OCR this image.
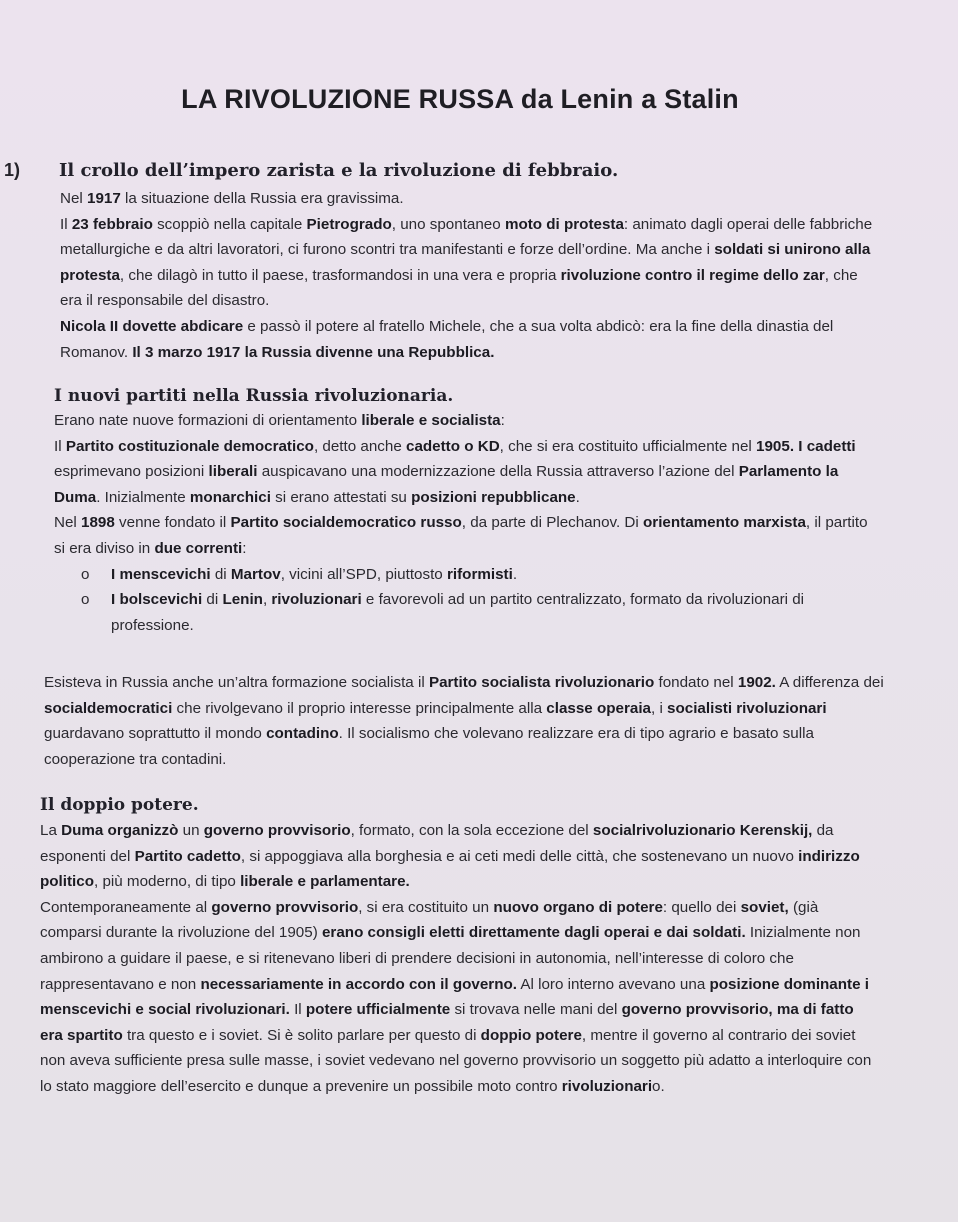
LA RIVOLUZIONE RUSSA da Lenin a Stalin
1) Il crollo dell’impero zarista e la rivoluzione di febbraio.

Nel 1917 la situazione della Russia era gravissima.

Il 23 febbraio scoppiò nella capitale Pietrogrado, uno spontaneo moto di protesta: animato dagli operai delle fabbriche metallurgiche e da altri lavoratori, ci furono scontri tra manifestanti e forze dell’ordine. Ma anche i soldati si unirono alla protesta, che dilagò in tutto il paese, trasformandosi in una vera e propria rivoluzione contro il regime dello zar, che era il responsabile del disastro.

Nicola II dovette abdicare e passò il potere al fratello Michele, che a sua volta abdicò: era la fine della dinastia del Romanov. Il 3 marzo 1917 la Russia divenne una Repubblica.

I nuovi partiti nella Russia rivoluzionaria.

Erano nate nuove formazioni di orientamento liberale e socialista:

Il Partito costituzionale democratico, detto anche cadetto o KD, che si era costituito ufficialmente nel 1905. I cadetti esprimevano posizioni liberali auspicavano una modernizzazione della Russia attraverso l’azione del Parlamento la Duma. Inizialmente monarchici si erano attestati su posizioni repubblicane.

Nel 1898 venne fondato il Partito socialdemocratico russo, da parte di Plechanov. Di orientamento marxista, il partito si era diviso in due correnti:

o I menscevichi di Martov, vicini all’SPD, piuttosto riformisti.
o I bolscevichi di Lenin, rivoluzionari e favorevoli ad un partito centralizzato, formato da rivoluzionari di professione.

Esisteva in Russia anche un’altra formazione socialista il Partito socialista rivoluzionario fondato nel 1902. A differenza dei socialdemocratici che rivolgevano il proprio interesse principalmente alla classe operaia, i socialisti rivoluzionari guardavano soprattutto il mondo contadino. Il socialismo che volevano realizzare era di tipo agrario e basato sulla cooperazione tra contadini.

Il doppio potere.

La Duma organizzò un governo provvisorio, formato, con la sola eccezione del socialrivoluzionario Kerenskij, da esponenti del Partito cadetto, si appoggiava alla borghesia e ai ceti medi delle città, che sostenevano un nuovo indirizzo politico, più moderno, di tipo liberale e parlamentare.

Contemporaneamente al governo provvisorio, si era costituito un nuovo organo di potere: quello dei soviet, (già comparsi durante la rivoluzione del 1905) erano consigli eletti direttamente dagli operai e dai soldati. Inizialmente non ambirono a guidare il paese, e si ritenevano liberi di prendere decisioni in autonomia, nell’interesse di coloro che rappresentavano e non necessariamente in accordo con il governo. Al loro interno avevano una posizione dominante i menscevichi e social rivoluzionari. Il potere ufficialmente si trovava nelle mani del governo provvisorio, ma di fatto era spartito tra questo e i soviet. Si è solito parlare per questo di doppio potere, mentre il governo al contrario dei soviet non aveva sufficiente presa sulle masse, i soviet vedevano nel governo provvisorio un soggetto più adatto a interloquire con lo stato maggiore dell’esercito e dunque a prevenire un possibile moto contro rivoluzionario.
